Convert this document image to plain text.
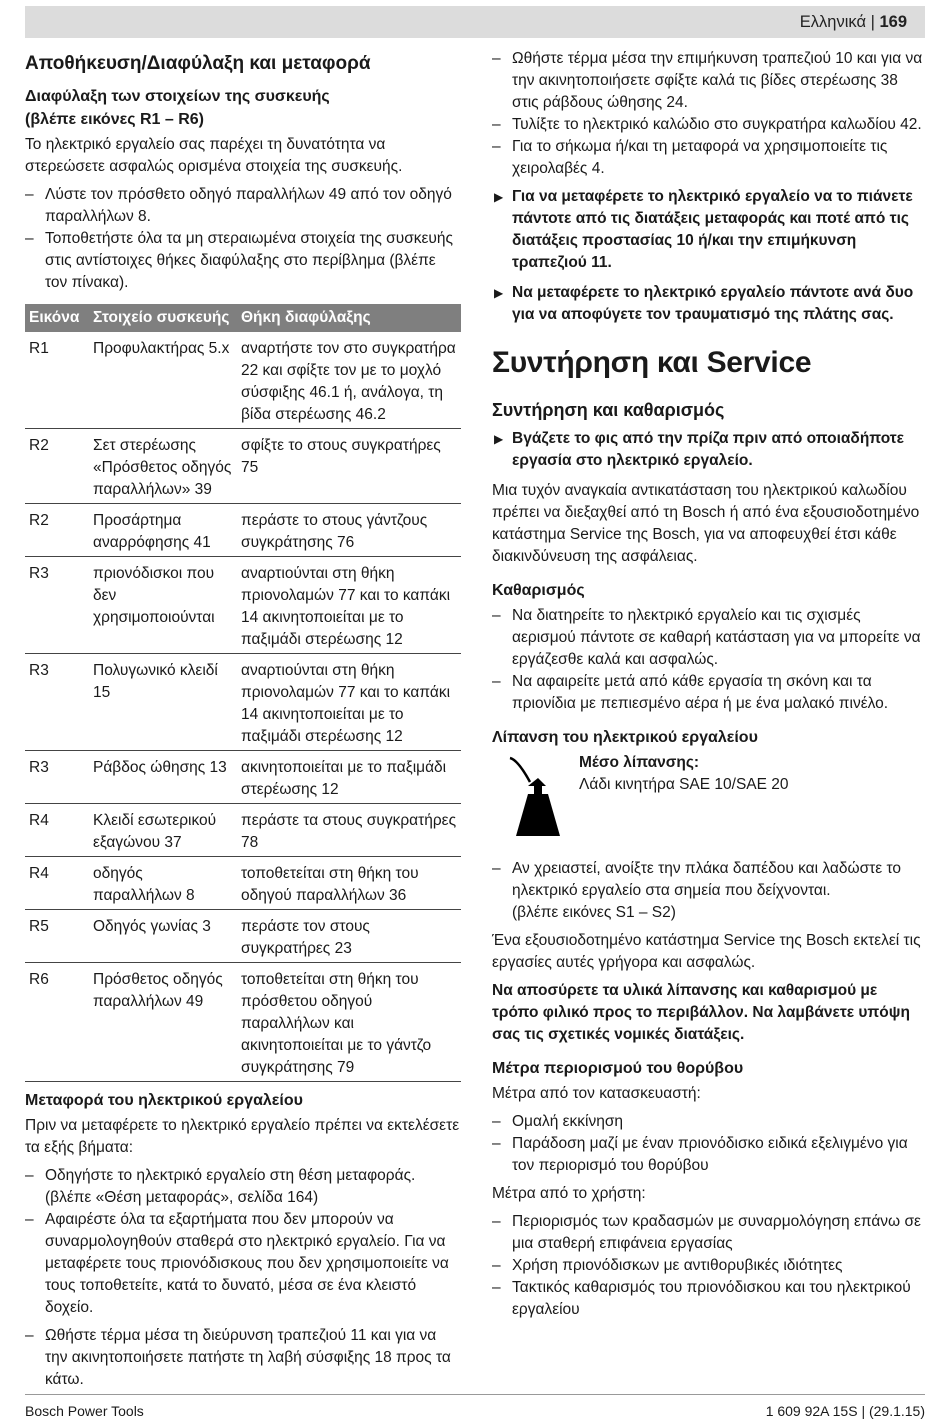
Ελληνικά | 169
Αποθήκευση/Διαφύλαξη και μεταφορά
Διαφύλαξη των στοιχείων της συσκευής
(βλέπε εικόνες R1 – R6)

Το ηλεκτρικό εργαλείο σας παρέχει τη δυνατότητα να στερεώσετε ασφαλώς ορισμένα στοιχεία της συσκευής.

– Λύστε τον πρόσθετο οδηγό παραλλήλων 49 από τον οδηγό παραλλήλων 8.
– Τοποθετήστε όλα τα μη στεραιωμένα στοιχεία της συσκευής στις αντίστοιχες θήκες διαφύλαξης στο περίβλημα (βλέπε τον πίνακα).
Εικόνα	Στοιχείο συσκευής	Θήκη διαφύλαξης
R1	Προφυλακτήρας 5.x	αναρτήστε τον στο συγκρατήρα 22 και σφίξτε τον με το μοχλό σύσφιξης 46.1 ή, ανάλογα, τη βίδα στερέωσης 46.2
R2	Σετ στερέωσης «Πρόσθετος οδηγός παραλλήλων» 39	σφίξτε το στους συγκρατήρες 75
R2	Προσάρτημα αναρρόφησης 41	περάστε το στους γάντζους συγκράτησης 76
R3	πριονόδισκοι που δεν χρησιμοποιούνται	αναρτιούνται στη θήκη πριονολαμών 77 και το καπάκι 14 ακινητοποιείται με το παξιμάδι στερέωσης 12
R3	Πολυγωνικό κλειδί 15	αναρτιούνται στη θήκη πριονολαμών 77 και το καπάκι 14 ακινητοποιείται με το παξιμάδι στερέωσης 12
R3	Ράβδος ώθησης 13	ακινητοποιείται με το παξιμάδι στερέωσης 12
R4	Κλειδί εσωτερικού εξαγώνου 37	περάστε τα στους συγκρατήρες 78
R4	οδηγός παραλλήλων 8	τοποθετείται στη θήκη του οδηγού παραλλήλων 36
R5	Οδηγός γωνίας 3	περάστε τον στους συγκρατήρες 23
R6	Πρόσθετος οδηγός παραλλήλων 49	τοποθετείται στη θήκη του πρόσθετου οδηγού παραλλήλων και ακινητοποιείται με το γάντζο συγκράτησης 79
Μεταφορά του ηλεκτρικού εργαλείου

Πριν να μεταφέρετε το ηλεκτρικό εργαλείο πρέπει να εκτελέσετε τα εξής βήματα:

– Οδηγήστε το ηλεκτρικό εργαλείο στη θέση μεταφοράς. (βλέπε «Θέση μεταφοράς», σελίδα 164)
– Αφαιρέστε όλα τα εξαρτήματα που δεν μπορούν να συναρμολογηθούν σταθερά στο ηλεκτρικό εργαλείο. Για να μεταφέρετε τους πριονόδισκους που δεν χρησιμοποιείτε να τους τοποθετείτε, κατά το δυνατό, μέσα σε ένα κλειστό δοχείο.
– Ωθήστε τέρμα μέσα τη διεύρυνση τραπεζιού 11 και για να την ακινητοποιήσετε πατήστε τη λαβή σύσφιξης 18 προς τα κάτω.
– Ωθήστε τέρμα μέσα την επιμήκυνση τραπεζιού 10 και για να την ακινητοποιήσετε σφίξτε καλά τις βίδες στερέωσης 38 στις ράβδους ώθησης 24.
– Τυλίξτε το ηλεκτρικό καλώδιο στο συγκρατήρα καλωδίου 42.
– Για το σήκωμα ή/και τη μεταφορά να χρησιμοποιείτε τις χειρολαβές 4.
▶ Για να μεταφέρετε το ηλεκτρικό εργαλείο να το πιάνετε πάντοτε από τις διατάξεις μεταφοράς και ποτέ από τις διατάξεις προστασίας 10 ή/και την επιμήκυνση τραπεζιού 11.
▶ Να μεταφέρετε το ηλεκτρικό εργαλείο πάντοτε ανά δυο για να αποφύγετε τον τραυματισμό της πλάτης σας.
Συντήρηση και Service
Συντήρηση και καθαρισμός
▶ Βγάζετε το φις από την πρίζα πριν από οποιαδήποτε εργασία στο ηλεκτρικό εργαλείο.

Μια τυχόν αναγκαία αντικατάσταση του ηλεκτρικού καλωδίου πρέπει να διεξαχθεί από τη Bosch ή από ένα εξουσιοδοτημένο κατάστημα Service της Bosch, για να αποφευχθεί έτσι κάθε διακινδύνευση της ασφάλειας.

Καθαρισμός
– Να διατηρείτε το ηλεκτρικό εργαλείο και τις σχισμές αερισμού πάντοτε σε καθαρή κατάσταση για να μπορείτε να εργάζεσθε καλά και ασφαλώς.
– Να αφαιρείτε μετά από κάθε εργασία τη σκόνη και τα πριονίδια με πεπιεσμένο αέρα ή με ένα μαλακό πινέλο.
Λίπανση του ηλεκτρικού εργαλείου
Μέσο λίπανσης:
Λάδι κινητήρα SAE 10/SAE 20
– Αν χρειαστεί, ανοίξτε την πλάκα δαπέδου και λαδώστε το ηλεκτρικό εργαλείο στα σημεία που δείχνονται.
(βλέπε εικόνες S1 – S2)

Ένα εξουσιοδοτημένο κατάστημα Service της Bosch εκτελεί τις εργασίες αυτές γρήγορα και ασφαλώς.

Να αποσύρετε τα υλικά λίπανσης και καθαρισμού με τρόπο φιλικό προς το περιβάλλον. Να λαμβάνετε υπόψη σας τις σχετικές νομικές διατάξεις.

Μέτρα περιορισμού του θορύβου

Μέτρα από τον κατασκευαστή:

– Ομαλή εκκίνηση
– Παράδοση μαζί με έναν πριονόδισκο ειδικά εξελιγμένο για τον περιορισμό του θορύβου

Μέτρα από το χρήστη:

– Περιορισμός των κραδασμών με συναρμολόγηση επάνω σε μια σταθερή επιφάνεια εργασίας
– Χρήση πριονόδισκων με αντιθορυβικές ιδιότητες
– Τακτικός καθαρισμός του πριονόδισκου και του ηλεκτρικού εργαλείου
Bosch Power Tools	1 609 92A 15S | (29.1.15)
